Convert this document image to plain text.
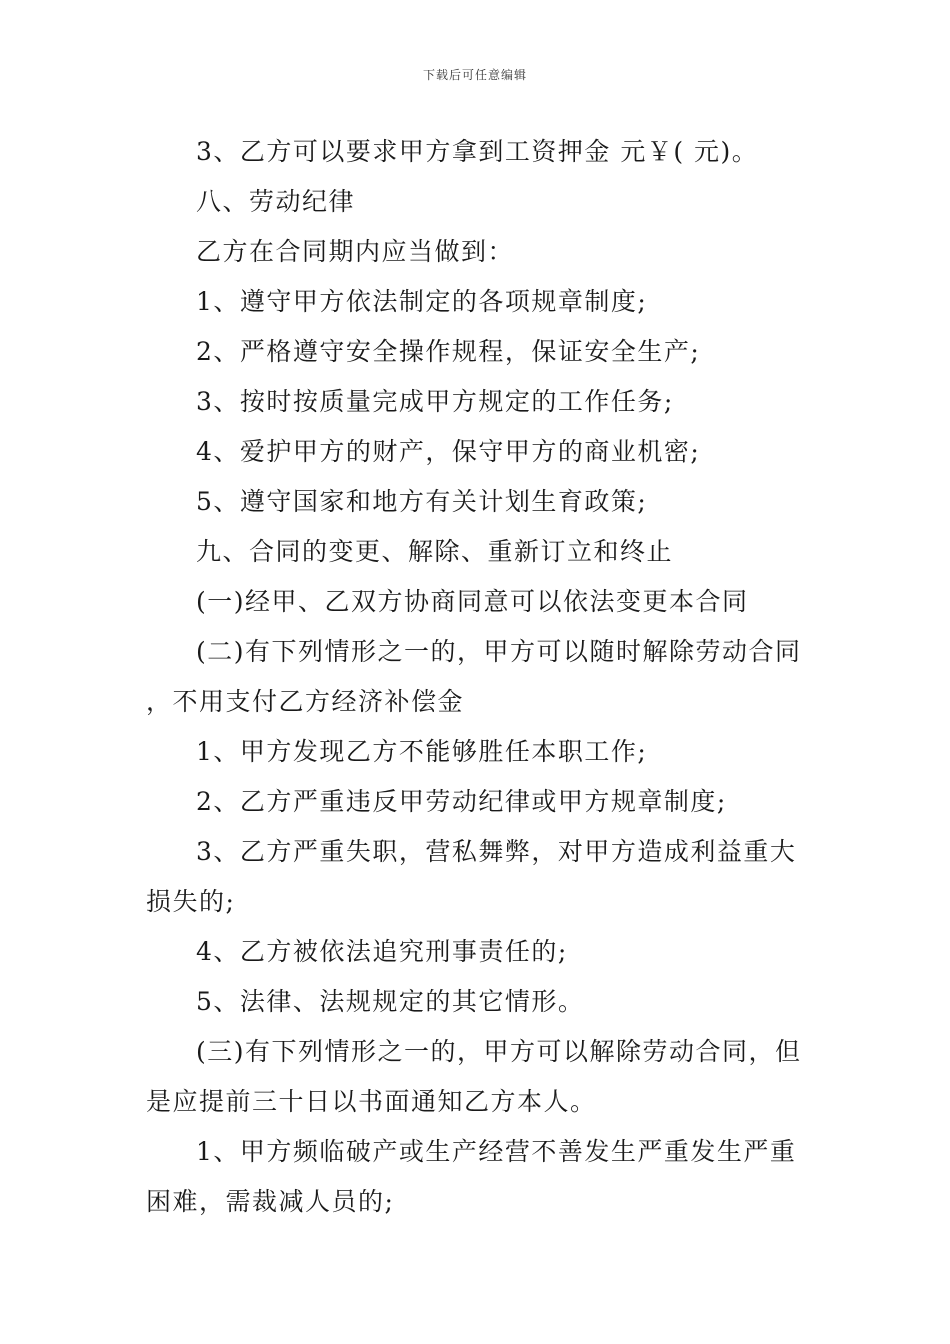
下载后可任意编辑

3、乙方可以要求甲方拿到工资押金 元￥( 元)。

八、劳动纪律

乙方在合同期内应当做到：

1、遵守甲方依法制定的各项规章制度;

2、严格遵守安全操作规程，保证安全生产;

3、按时按质量完成甲方规定的工作任务;

4、爱护甲方的财产，保守甲方的商业机密;

5、遵守国家和地方有关计划生育政策;

九、合同的变更、解除、重新订立和终止

(一)经甲、乙双方协商同意可以依法变更本合同

(二)有下列情形之一的，甲方可以随时解除劳动合同 ，不用支付乙方经济补偿金

1、甲方发现乙方不能够胜任本职工作;

2、乙方严重违反甲劳动纪律或甲方规章制度;

3、乙方严重失职，营私舞弊，对甲方造成利益重大损失的;

4、乙方被依法追究刑事责任的;

5、法律、法规规定的其它情形。

(三)有下列情形之一的，甲方可以解除劳动合同，但是应提前三十日以书面通知乙方本人。

1、甲方频临破产或生产经营不善发生严重发生严重困难，需裁减人员的;
